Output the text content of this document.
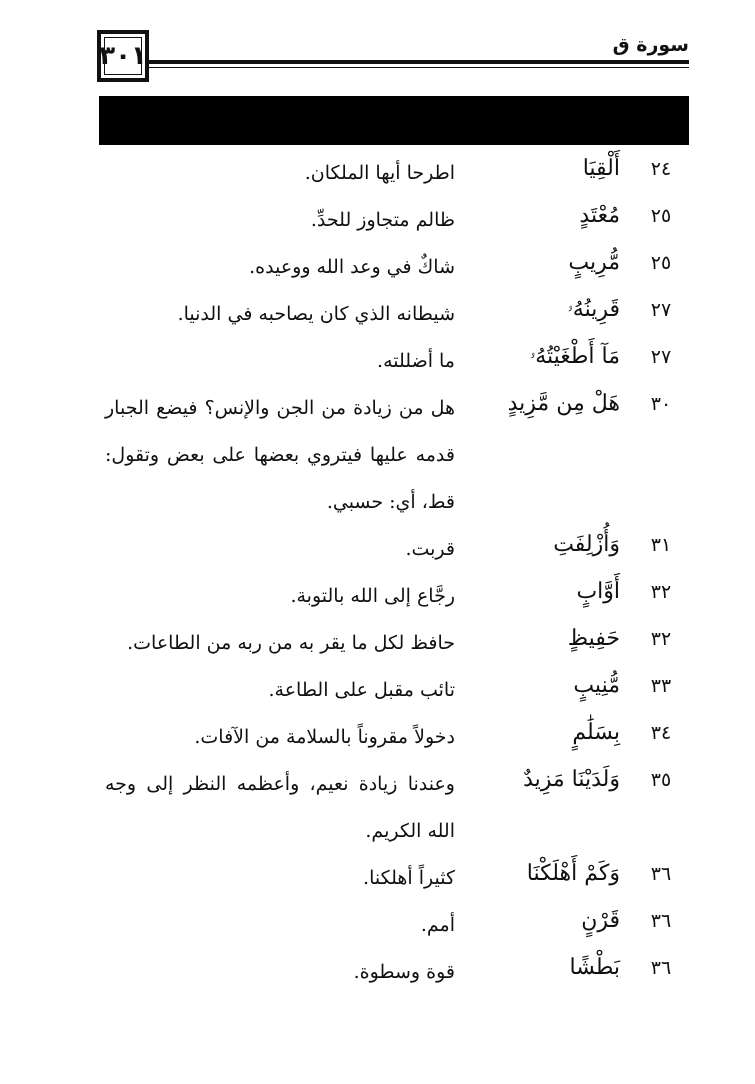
٣٠١	سورة ق
٢٤
أَلْقِيَا
اطرحا أيها الملكان.
٢٥
مُعْتَدٍ
ظالم متجاوز للحدِّ.
٢٥
مُّرِيبٍ
شاكٌ في وعد الله ووعيده.
٢٧
قَرِينُهُۥ
شيطانه الذي كان يصاحبه في الدنيا.
٢٧
مَآ أَطْغَيْتُهُۥ
ما أضللته.
٣٠
هَلْ مِن مَّزِيدٍ
هل من زيادة من الجن والإنس؟ فيضع الجبار قدمه عليها فيتروي بعضها على بعض وتقول: قط، أي: حسبي.
٣١
وَأُزْلِفَتِ
قربت.
٣٢
أَوَّابٍ
رجَّاع إلى الله بالتوبة.
٣٢
حَفِيظٍ
حافظ لكل ما يقر به من ربه من الطاعات.
٣٣
مُّنِيبٍ
تائب مقبل على الطاعة.
٣٤
بِسَلَٰمٍ
دخولاً مقروناً بالسلامة من الآفات.
٣٥
وَلَدَيْنَا مَزِيدٌ
وعندنا زيادة نعيم، وأعظمه النظر إلى وجه الله الكريم.
٣٦
وَكَمْ أَهْلَكْنَا
كثيراً أهلكنا.
٣٦
قَرْنٍ
أمم.
٣٦
بَطْشًا
قوة وسطوة.
